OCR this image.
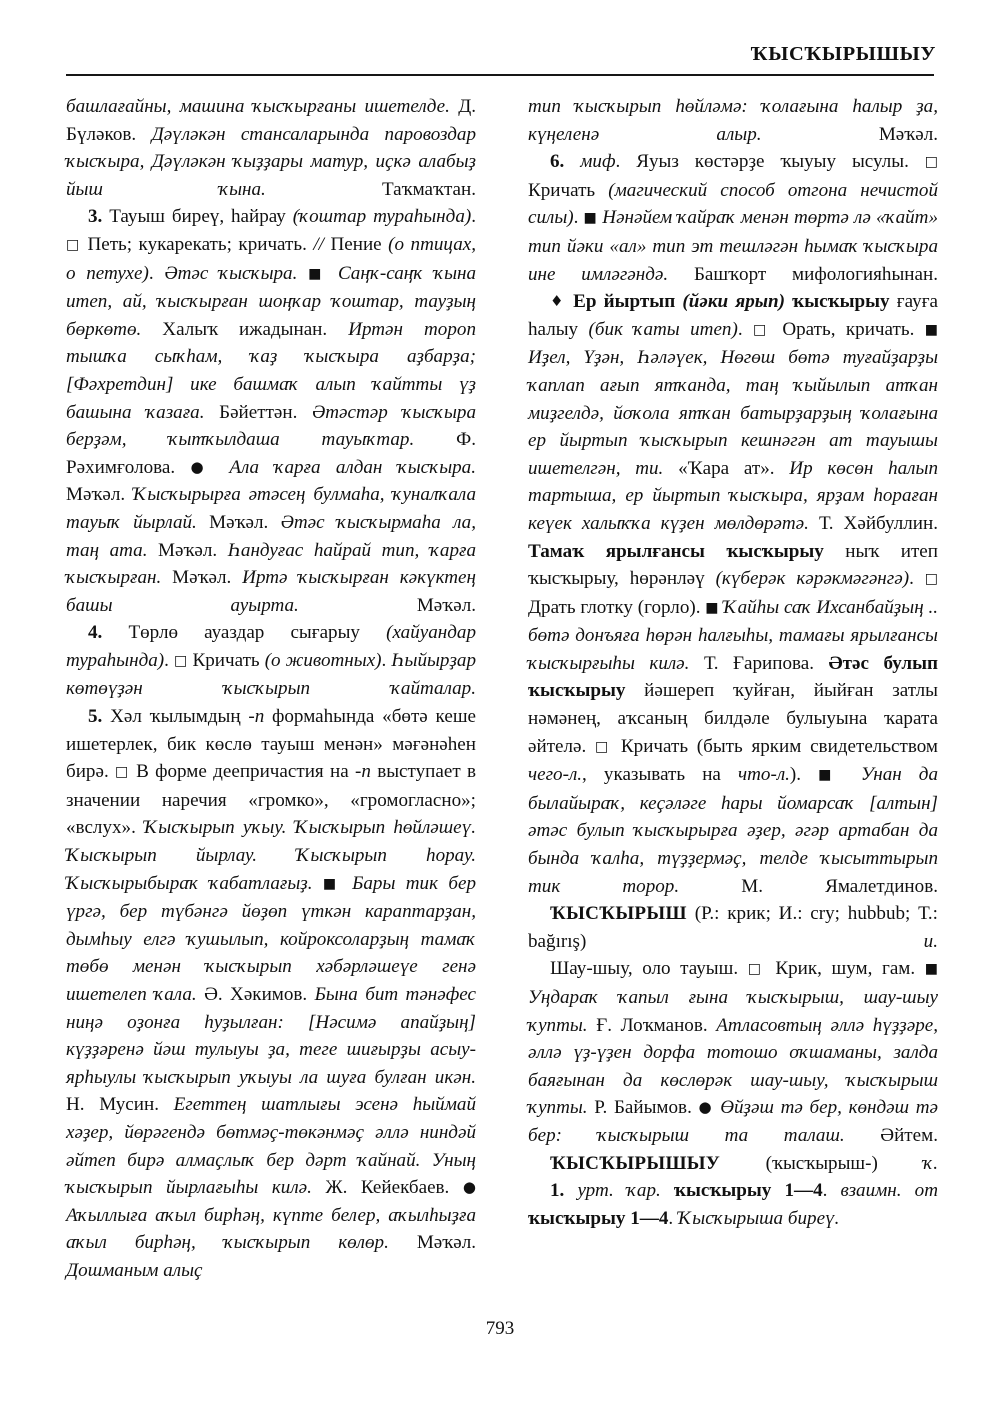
ҠЫСҠЫРЫШЫУ

башлағайны, машина ҡысҡырғаны ишетелде. Д. Бүләков. Дәүләкән стансаларында паровоздар ҡысҡыра, Дәүләкән ҡыҙҙары матур, иҫкә алабыҙ йыш ҡына. Таҡмаҡтан.

3. Тауыш биреү, һайрау (ҡоштар тураһында). □ Петь; кукарекать; кричать. // Пение (о птицах, о петухе). Әтәс ҡысҡыра. ■ Саңҡ-саңҡ ҡына итеп, ай, ҡысҡырған шоңҡар ҡоштар, тауҙың бөркөтө. Халыҡ ижадынан. Иртән тороп тышҡа сыҡһам, ҡаҙ ҡысҡыра аҙбарҙа; [Фәхретдин] ике башмаҡ алып ҡайтты үҙ башына ҡазаға. Бәйеттән. Әтәстәр ҡысҡыра берҙәм, ҡытҡылдаша тауыҡтар. Ф. Рәхимғолова. ● Ала ҡарға алдан ҡысҡыра. Мәҡәл. Ҡысҡырырға әтәсең булмаһа, ҡуналҡала тауыҡ йырлай. Мәҡәл. Әтәс ҡысҡырмаһа ла, таң ата. Мәҡәл. Һандуғас һайрай тип, ҡарға ҡысҡырған. Мәҡәл. Иртә ҡысҡырған кәкүктең башы ауырта. Мәҡәл.

4. Төрлө ауаздар сығарыу (хайуандар тураһында). □ Кричать (о животных). Һыйырҙар көтөүҙән ҡысҡырып ҡайталар.

5. Хәл ҡылымдың -п формаһында «бөтә кеше ишетерлек, бик көслө тауыш менән» мәғәнәһен бирә. □ В форме деепричастия на -п выступает в значении наречия «громко», «громогласно»; «вслух». Ҡысҡырып уҡыу. Ҡысҡырып һөйләшеү. Ҡысҡырып йырлау. Ҡысҡырып һорау. Ҡысҡырыбыраҡ ҡабатлағыҙ. ■ Бары тик бер үргә, бер түбәнгә йөҙөп үткән караптарҙан, дымһыу елгә ҡушылып, койроксоларҙың тамаҡ төбө менән ҡысҡырып хәбәрләшеүе генә ишетелеп ҡала. Ә. Хәкимов. Бына бит тәнәфес ниңә оҙонға һуҙылған: [Нәсимә апайҙың] күҙҙәренә йәш тулыуы ҙа, теге шиғырҙы асыу-ярһыулы ҡысҡырып уҡыуы ла шуға булған икән. Н. Мусин. Егеттең шатлығы эсенә һыймай хәҙер, йөрәгендә бөтмәҫ-төкәнмәҫ әллә ниндәй әйтеп бирә алмаҫлыҡ бер дәрт ҡайнай. Уның ҡысҡырып йырлағыһы килә. Ж. Кейекбаев. ● Аҡыллыға аҡыл бирһәң, күпте белер, аҡылһыҙға аҡыл бирһәң, ҡысҡырып көлөр. Мәҡәл. Дошманым алыҫ

тип ҡысҡырып һөйләмә: ҡолағына һалыр ҙа, күңеленә алыр. Мәҡәл.

6. миф. Яуыз көстәрҙе ҡыуыу ысулы. □ Кричать (магический способ отгона нечистой силы). ■ Нәнәйем ҡайраҡ менән төртә лә «ҡайт» тип йәки «ал» тип эт тешләгән һымаҡ ҡысҡыра ине имләгәндә. Башҡорт мифологияһынан.

♦ Ер йыртып (йәки ярып) ҡысҡырыу ғауға һалыу (бик ҡаты итеп). □ Орать, кричать. ■ Иҙел, Үҙән, Һәләүек, Нөгөш бөтә туғайҙарҙы ҡаплап ағып ятҡанда, таң ҡыйылып атҡан миҙгелдә, йоҡола ятҡан батырҙарҙың ҡолағына ер йыртып ҡысҡырып кешнәгән ат тауышы ишетелгән, ти. «Ҡара ат». Ир көсөн һалып тартыша, ер йыртып ҡысҡыра, ярҙам һораған кеүек халыҡҡа күҙен мөлдөрәтә. Т. Хәйбуллин. Тамаҡ ярылғансы ҡысҡырыу ныҡ итеп ҡысҡырыу, һөрәнләү (күберәк кәрәкмәгәнгә). □ Драть глотку (горло). ■ Ҡайһы саҡ Ихсанбайҙың .. бөтә донъяға һөрән һалғыһы, тамағы ярылғансы ҡысҡырғыһы килә. Т. Ғарипова. Әтәс булып ҡысҡырыу йәшереп ҡуйған, йыйған затлы нәмәнең, аҡсаның билдәле булыуына ҡарата әйтелә. □ Кричать (быть ярким свидетельством чего-л., указывать на что-л.). ■ Унан да былайыраҡ, кеҫәләге һары йомарсаҡ [алтын] әтәс булып ҡысҡырырға әҙер, әгәр артабан да бында ҡалһа, түҙҙермәҫ, телде ҡысыттырып тик торор. М. Ямалетдинов.

ҠЫСҠЫРЫШ (Р.: крик; И.: cry; hubbub; Т.: bağırış) и.

Шау-шыу, оло тауыш. □ Крик, шум, гам. ■ Уңдараҡ ҡапыл ғына ҡысҡырыш, шау-шыу ҡупты. Ғ. Лоҡманов. Атласовтың әллә һүҙҙәре, әллә үҙ-үҙен дорфа тотошо оҡшаманы, залда баяғынан да көслөрәк шау-шыу, ҡысҡырыш ҡупты. Р. Байымов. ● Өйҙәш тә бер, көндәш тә бер: ҡысҡырыш та талаш. Әйтем.

ҠЫСҠЫРЫШЫУ (ҡысҡырыш-) ҡ.

1. урт. ҡар. ҡысҡырыу 1—4. взаимн. от ҡысҡырыу 1—4. Ҡысҡырыша биреү.

793
